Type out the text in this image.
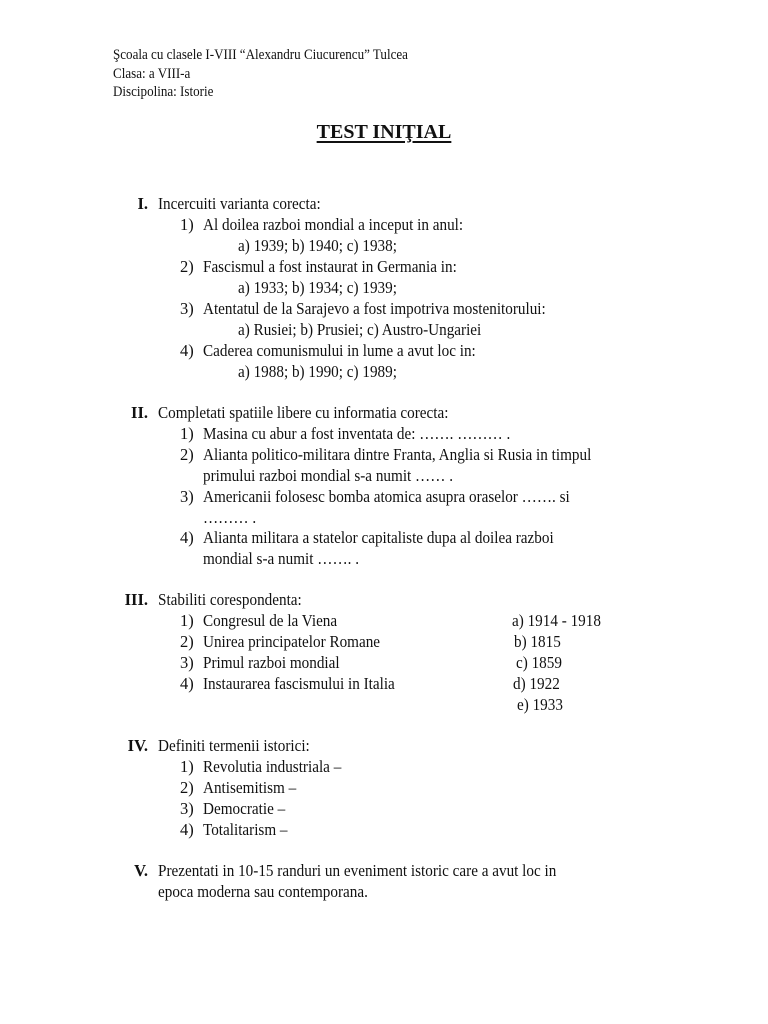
Şcoala cu clasele I-VIII “Alexandru Ciucurencu” Tulcea
Clasa: a VIII-a
Discipolina: Istorie
TEST INIŢIAL
I. Incercuiti varianta corecta:
1) Al doilea razboi mondial a inceput in anul:
a) 1939; b) 1940; c) 1938;
2) Fascismul a fost instaurat in Germania in:
a) 1933; b) 1934; c) 1939;
3) Atentatul de la Sarajevo a fost impotriva mostenitorului:
a) Rusiei; b) Prusiei; c) Austro-Ungariei
4) Caderea comunismului in lume a avut loc in:
a) 1988; b) 1990; c) 1989;
II. Completati spatiile libere cu informatia corecta:
1) Masina cu abur a fost inventata de: ……. ……… .
2) Alianta politico-militara dintre Franta, Anglia si Rusia in timpul
primului razboi mondial s-a numit …… .
3) Americanii folosesc bomba atomica asupra oraselor ……. si
……… .
4) Alianta militara a statelor capitaliste dupa al doilea razboi
mondial s-a numit ……. .
III. Stabiliti corespondenta:
1) Congresul de la Viena	a) 1914 - 1918
2) Unirea principatelor Romane	b) 1815
3) Primul razboi mondial	c) 1859
4) Instaurarea fascismului in Italia	d) 1922
e) 1933
IV. Definiti termenii istorici:
1) Revolutia industriala –
2) Antisemitism –
3) Democratie –
4) Totalitarism –
V. Prezentati in 10-15 randuri un eveniment istoric care a avut loc in
epoca moderna sau contemporana.
